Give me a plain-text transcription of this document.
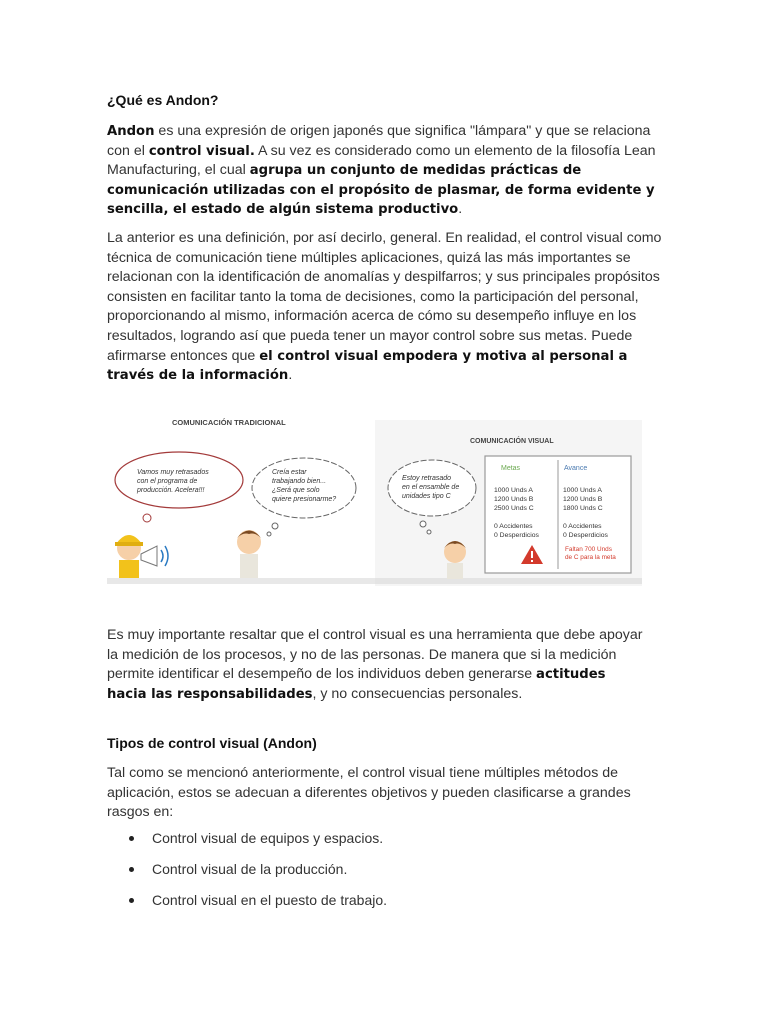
¿Qué es Andon?
Andon es una expresión de origen japonés que significa "lámpara" y que se relaciona con el control visual. A su vez es considerado como un elemento de la filosofía Lean Manufacturing, el cual agrupa un conjunto de medidas prácticas de comunicación utilizadas con el propósito de plasmar, de forma evidente y sencilla, el estado de algún sistema productivo.
La anterior es una definición, por así decirlo, general. En realidad, el control visual como técnica de comunicación tiene múltiples aplicaciones, quizá las más importantes se relacionan con la identificación de anomalías y despilfarros; y sus principales propósitos consisten en facilitar tanto la toma de decisiones, como la participación del personal, proporcionando al mismo, información acerca de cómo su desempeño influye en los resultados, logrando así que pueda tener un mayor control sobre sus metas. Puede afirmarse entonces que el control visual empodera y motiva al personal a través de la información.
COMUNICACIÓN TRADICIONAL
COMUNICACIÓN VISUAL
Vamos muy retrasados con el programa de producción. Acelera!!!
Creía estar trabajando bien... ¿Será que solo quiere presionarme?
Estoy retrasado en el ensamble de unidades tipo C
Metas	Avance
1000 Unds A 1200 Unds B 2500 Unds C 0 Accidentes 0 Desperdicios
1000 Unds A 1200 Unds B 1800 Unds C 0 Accidentes 0 Desperdicios
Faltan 700 Unds de C para la meta
Es muy importante resaltar que el control visual es una herramienta que debe apoyar la medición de los procesos, y no de las personas. De manera que si la medición permite identificar el desempeño de los individuos deben generarse actitudes hacia las responsabilidades, y no consecuencias personales.
Tipos de control visual (Andon)
Tal como se mencionó anteriormente, el control visual tiene múltiples métodos de aplicación, estos se adecuan a diferentes objetivos y pueden clasificarse a grandes rasgos en:
Control visual de equipos y espacios.
Control visual de la producción.
Control visual en el puesto de trabajo.
